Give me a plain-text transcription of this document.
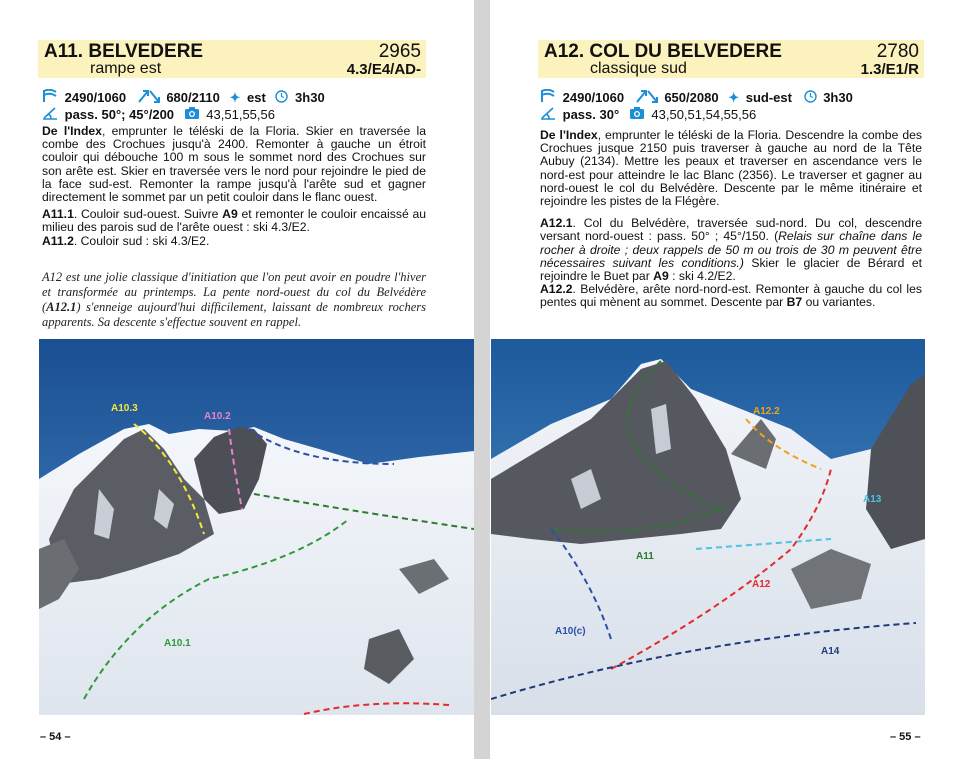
A11. BELVEDERE
rampe est
2965
4.3/E4/AD-
2490/1060	680/2110 ✦ est 3h30
pass. 50°; 45°/200 43,51,55,56

De l'Index, emprunter le téléski de la Floria. Skier en traversée la combe des Crochues jusqu'à 2400. Remonter à gauche un étroit couloir qui débouche 100 m sous le sommet nord des Crochues sur son arête est. Skier en traversée vers le nord pour rejoindre le pied de la face sud-est. Remonter la rampe jusqu'à l'arête sud et gagner directement le sommet par un petit couloir dans le flanc ouest.

A11.1. Couloir sud-ouest. Suivre A9 et remonter le couloir encaissé au milieu des parois sud de l'arête ouest : ski 4.3/E2.
A11.2. Couloir sud : ski 4.3/E2.

A12 est une jolie classique d'initiation que l'on peut avoir en poudre l'hiver et transformée au printemps. La pente nord-ouest du col du Belvédère (A12.1) s'enneige aujourd'hui difficilement, laissant de nombreux rochers apparents. Sa descente s'effectue souvent en rappel.
A10.3
A10.2
A10.1
– 54 –
A12. COL DU BELVEDERE
classique sud
2780
1.3/E1/R
2490/1060	650/2080 ✦ sud-est 3h30
pass. 30° 43,50,51,54,55,56

De l'Index, emprunter le téléski de la Floria. Descendre la combe des Crochues jusque 2150 puis traverser à gauche au nord de la Tête Aubuy (2134). Mettre les peaux et traverser en ascendance vers le nord-est pour atteindre le lac Blanc (2356). Le traverser et gagner au nord-ouest le col du Belvédère. Descente par le même itinéraire et rejoindre les pistes de la Flégère.

A12.1. Col du Belvédère, traversée sud-nord. Du col, descendre versant nord-ouest : pass. 50° ; 45°/150. (Relais sur chaîne dans le rocher à droite ; deux rappels de 50 m ou trois de 30 m peuvent être nécessaires suivant les conditions.) Skier le glacier de Bérard et rejoindre le Buet par A9 : ski 4.2/E2.

A12.2. Belvédère, arête nord-nord-est. Remonter à gauche du col les pentes qui mènent au sommet. Descente par B7 ou variantes.

A12.2
A13
A11
A12
A10(c)
A14
– 55 –
